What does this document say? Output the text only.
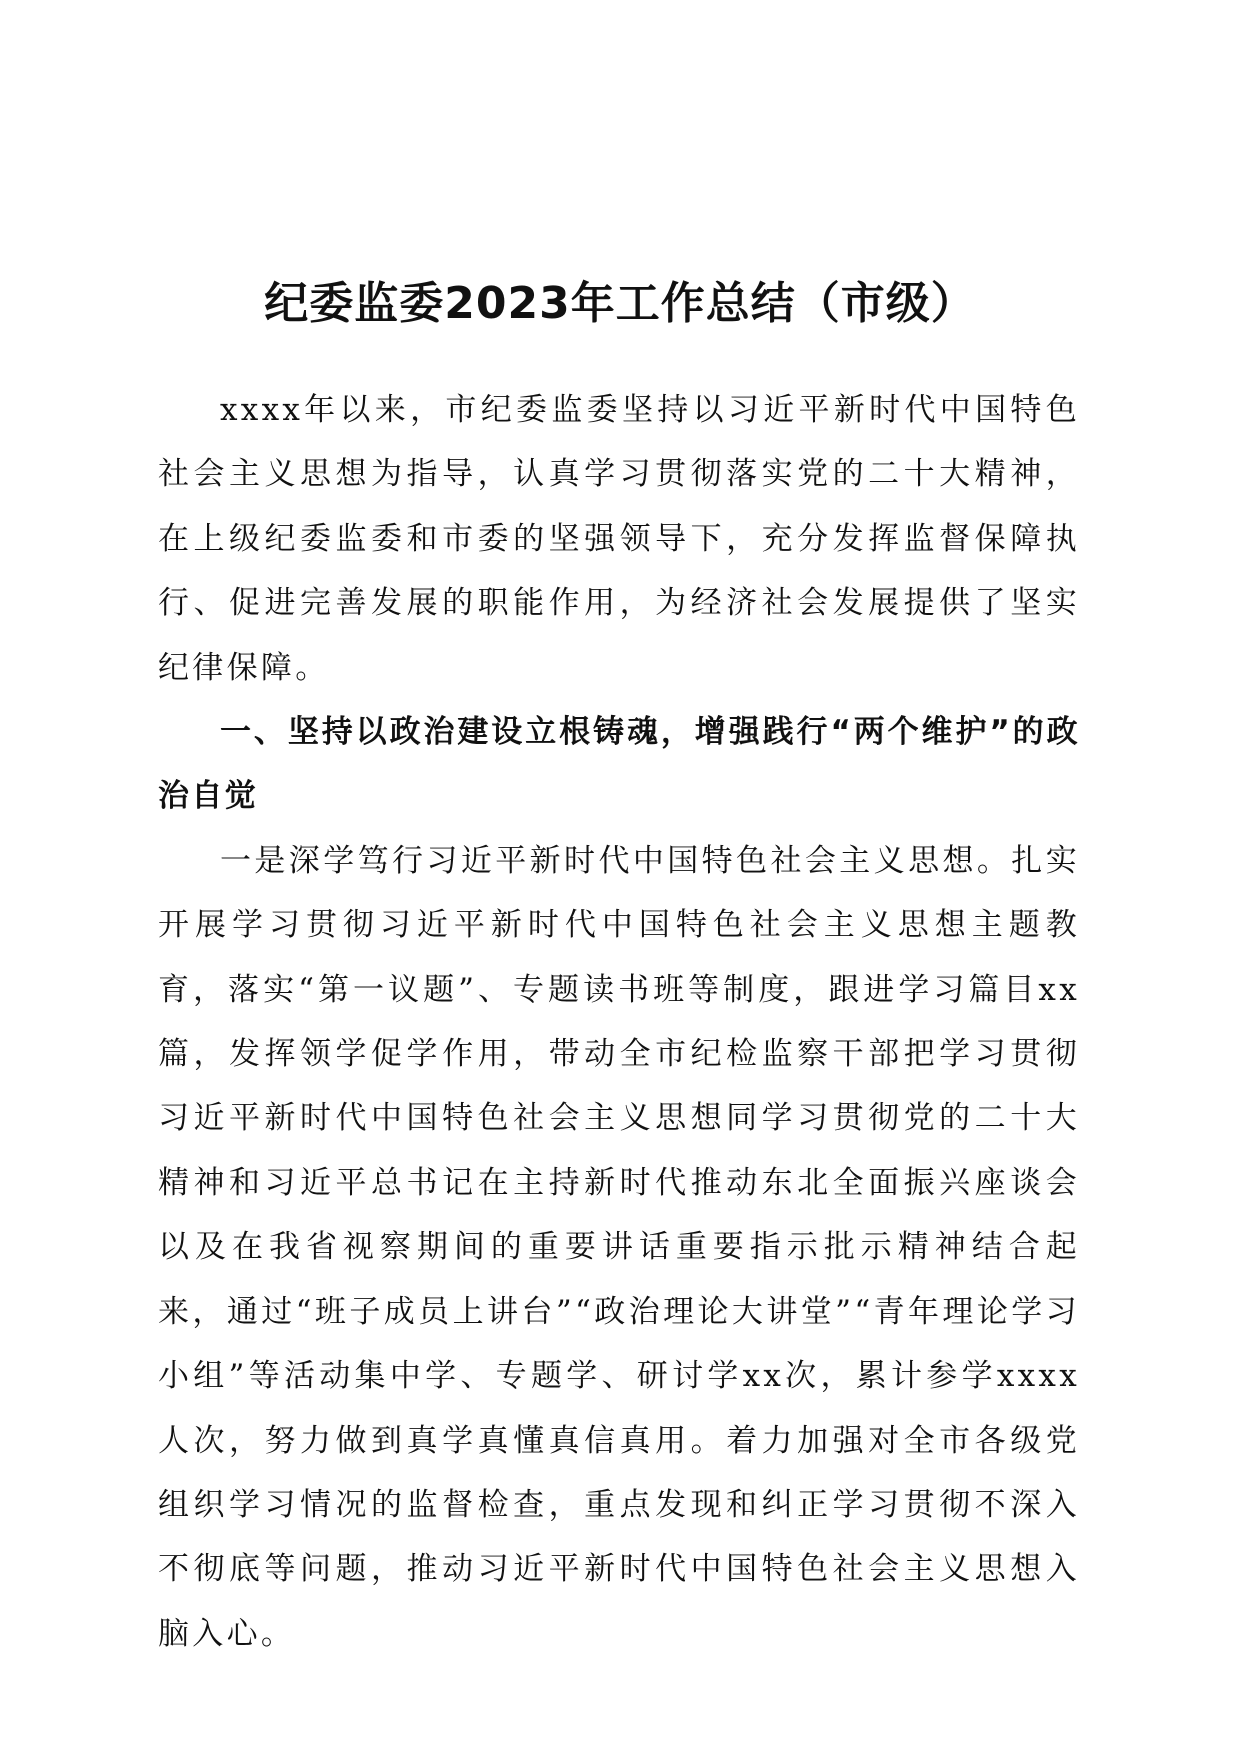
纪委监委2023年工作总结（市级）

xxxx年以来，市纪委监委坚持以习近平新时代中国特色社会主义思想为指导，认真学习贯彻落实党的二十大精神，在上级纪委监委和市委的坚强领导下，充分发挥监督保障执行、促进完善发展的职能作用，为经济社会发展提供了坚实纪律保障。

一、坚持以政治建设立根铸魂，增强践行“两个维护”的政治自觉

一是深学笃行习近平新时代中国特色社会主义思想。扎实开展学习贯彻习近平新时代中国特色社会主义思想主题教育，落实“第一议题”、专题读书班等制度，跟进学习篇目xx篇，发挥领学促学作用，带动全市纪检监察干部把学习贯彻习近平新时代中国特色社会主义思想同学习贯彻党的二十大精神和习近平总书记在主持新时代推动东北全面振兴座谈会以及在我省视察期间的重要讲话重要指示批示精神结合起来，通过“班子成员上讲台”“政治理论大讲堂”“青年理论学习小组”等活动集中学、专题学、研讨学xx次，累计参学xxxx人次，努力做到真学真懂真信真用。着力加强对全市各级党组织学习情况的监督检查，重点发现和纠正学习贯彻不深入不彻底等问题，推动习近平新时代中国特色社会主义思想入脑入心。
